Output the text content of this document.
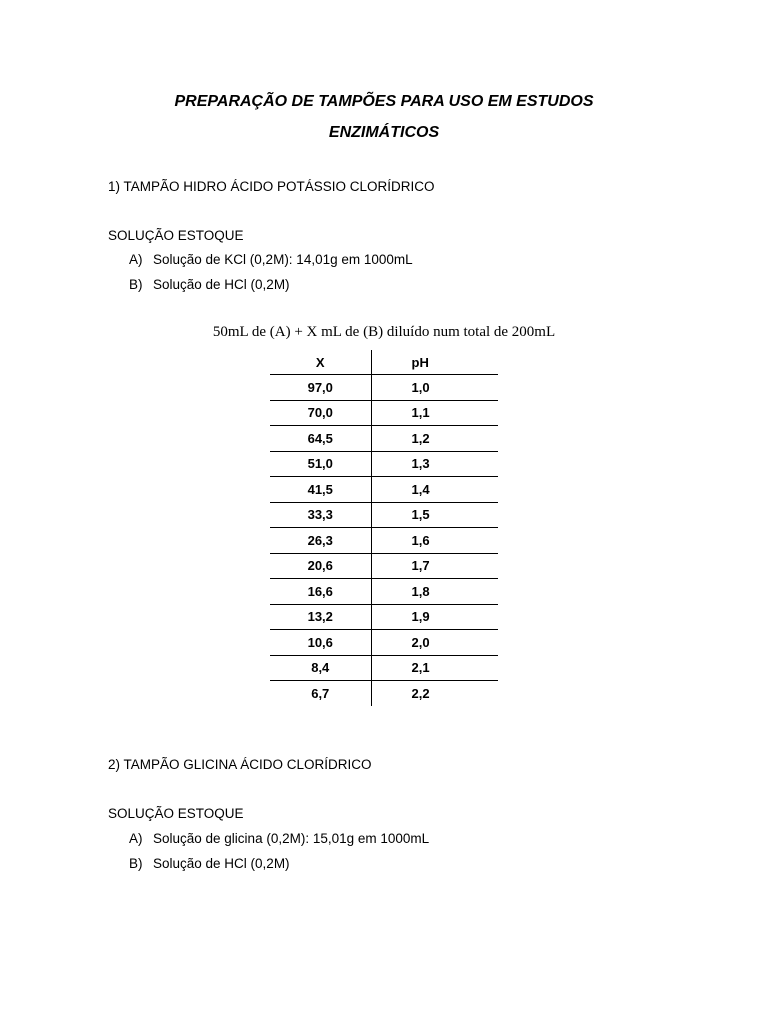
PREPARAÇÃO DE TAMPÕES PARA USO EM ESTUDOS
ENZIMÁTICOS
1) TAMPÃO HIDRO ÁCIDO POTÁSSIO CLORÍDRICO
SOLUÇÃO ESTOQUE
A) Solução de KCl (0,2M): 14,01g em 1000mL
B) Solução de HCl (0,2M)
50mL de (A) + X mL de (B) diluído num total de 200mL
X	pH
97,0	1,0
70,0	1,1
64,5	1,2
51,0	1,3
41,5	1,4
33,3	1,5
26,3	1,6
20,6	1,7
16,6	1,8
13,2	1,9
10,6	2,0
8,4	2,1
6,7	2,2
2) TAMPÃO GLICINA ÁCIDO CLORÍDRICO
SOLUÇÃO ESTOQUE
A) Solução de glicina (0,2M): 15,01g em 1000mL
B) Solução de HCl (0,2M)
